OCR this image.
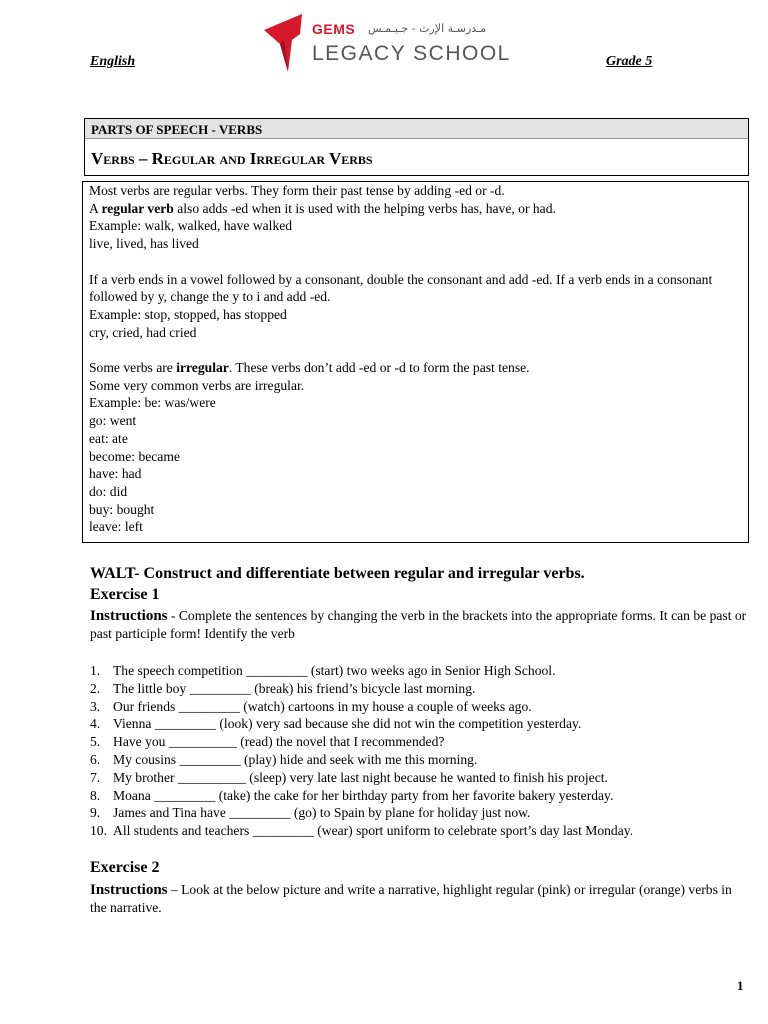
English
GEMS مـدرسـة الإرث - جـيـمـس
LEGACY SCHOOL	Grade 5
PARTS OF SPEECH - VERBS
Verbs – Regular and Irregular Verbs
Most verbs are regular verbs. They form their past tense by adding -ed or -d.
A regular verb also adds -ed when it is used with the helping verbs has, have, or had.
Example: walk, walked, have walked
live, lived, has lived
If a verb ends in a vowel followed by a consonant, double the consonant and add -ed. If a verb ends in a consonant followed by y, change the y to i and add -ed.
Example: stop, stopped, has stopped
cry, cried, had cried
Some verbs are irregular. These verbs don’t add -ed or -d to form the past tense.
Some very common verbs are irregular.
Example: be: was/were
go: went
eat: ate
become: became
have: had
do: did
buy: bought
leave: left
WALT- Construct and differentiate between regular and irregular verbs.
Exercise 1
Instructions - Complete the sentences by changing the verb in the brackets into the appropriate forms. It can be past or past participle form! Identify the verb
1. The speech competition _________ (start) two weeks ago in Senior High School.
2. The little boy _________ (break) his friend’s bicycle last morning.
3. Our friends _________ (watch) cartoons in my house a couple of weeks ago.
4. Vienna _________ (look) very sad because she did not win the competition yesterday.
5. Have you __________ (read) the novel that I recommended?
6. My cousins _________ (play) hide and seek with me this morning.
7. My brother __________ (sleep) very late last night because he wanted to finish his project.
8. Moana _________ (take) the cake for her birthday party from her favorite bakery yesterday.
9. James and Tina have _________ (go) to Spain by plane for holiday just now.
10. All students and teachers _________ (wear) sport uniform to celebrate sport’s day last Monday.
Exercise 2
Instructions – Look at the below picture and write a narrative, highlight regular (pink) or irregular (orange) verbs in the narrative.
1
